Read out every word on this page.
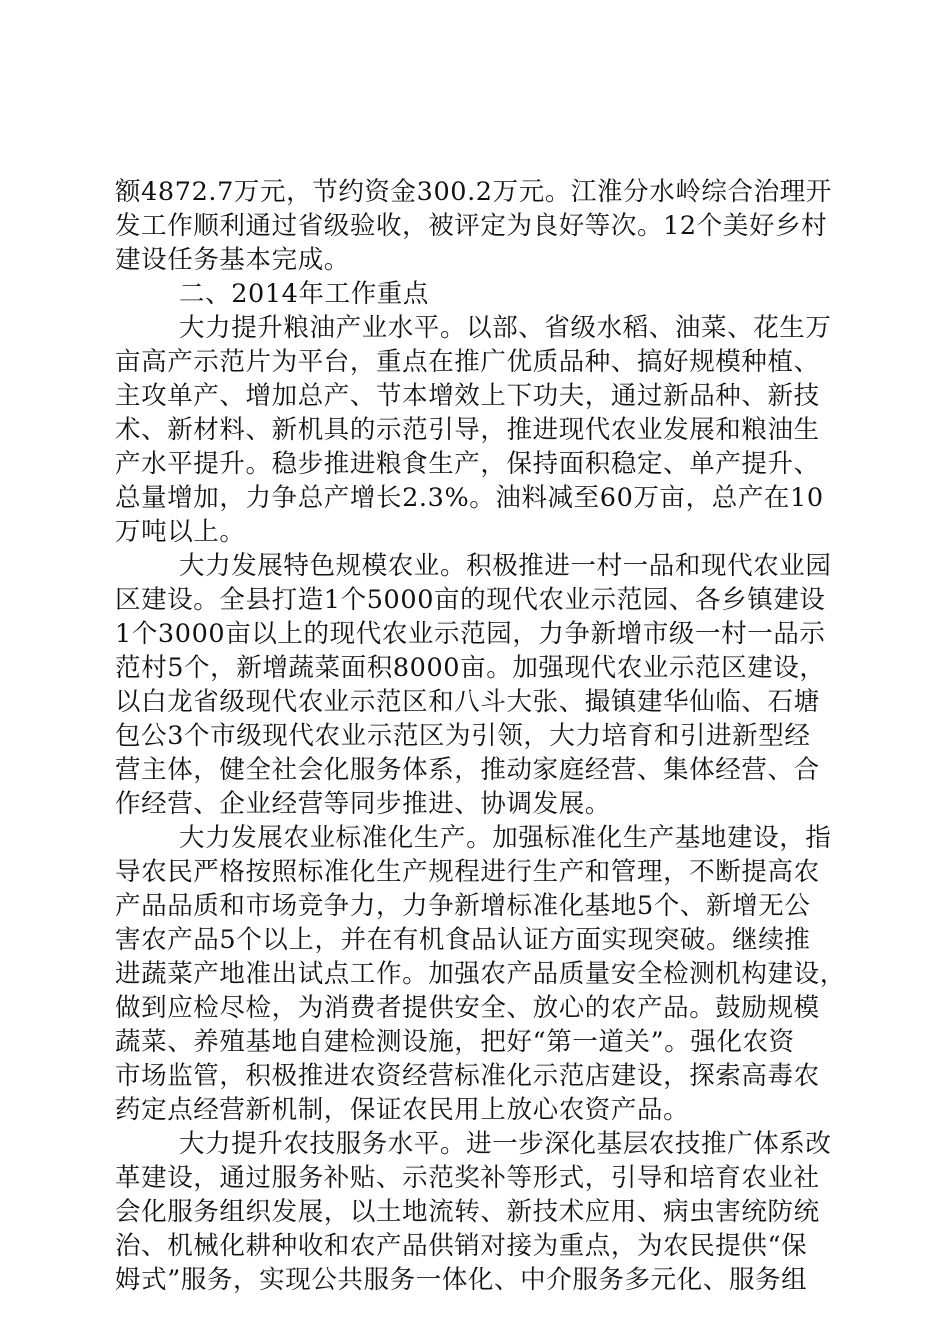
额4872.7万元，节约资金300.2万元。江淮分水岭综合治理开
发工作顺利通过省级验收，被评定为良好等次。12个美好乡村
建设任务基本完成。
二、2014年工作重点
大力提升粮油产业水平。以部、省级水稻、油菜、花生万
亩高产示范片为平台，重点在推广优质品种、搞好规模种植、
主攻单产、增加总产、节本增效上下功夫，通过新品种、新技
术、新材料、新机具的示范引导，推进现代农业发展和粮油生
产水平提升。稳步推进粮食生产，保持面积稳定、单产提升、
总量增加，力争总产增长2.3%。油料减至60万亩，总产在10
万吨以上。
大力发展特色规模农业。积极推进一村一品和现代农业园
区建设。全县打造1个5000亩的现代农业示范园、各乡镇建设
1个3000亩以上的现代农业示范园，力争新增市级一村一品示
范村5个，新增蔬菜面积8000亩。加强现代农业示范区建设，
以白龙省级现代农业示范区和八斗大张、撮镇建华仙临、石塘
包公3个市级现代农业示范区为引领，大力培育和引进新型经
营主体，健全社会化服务体系，推动家庭经营、集体经营、合
作经营、企业经营等同步推进、协调发展。
大力发展农业标准化生产。加强标准化生产基地建设，指
导农民严格按照标准化生产规程进行生产和管理，不断提高农
产品品质和市场竞争力，力争新增标准化基地5个、新增无公
害农产品5个以上，并在有机食品认证方面实现突破。继续推
进蔬菜产地准出试点工作。加强农产品质量安全检测机构建设，
做到应检尽检，为消费者提供安全、放心的农产品。鼓励规模
蔬菜、养殖基地自建检测设施，把好“第一道关”。强化农资
市场监管，积极推进农资经营标准化示范店建设，探索高毒农
药定点经营新机制，保证农民用上放心农资产品。
大力提升农技服务水平。进一步深化基层农技推广体系改
革建设，通过服务补贴、示范奖补等形式，引导和培育农业社
会化服务组织发展，以土地流转、新技术应用、病虫害统防统
治、机械化耕种收和农产品供销对接为重点，为农民提供“保
姆式”服务，实现公共服务一体化、中介服务多元化、服务组
